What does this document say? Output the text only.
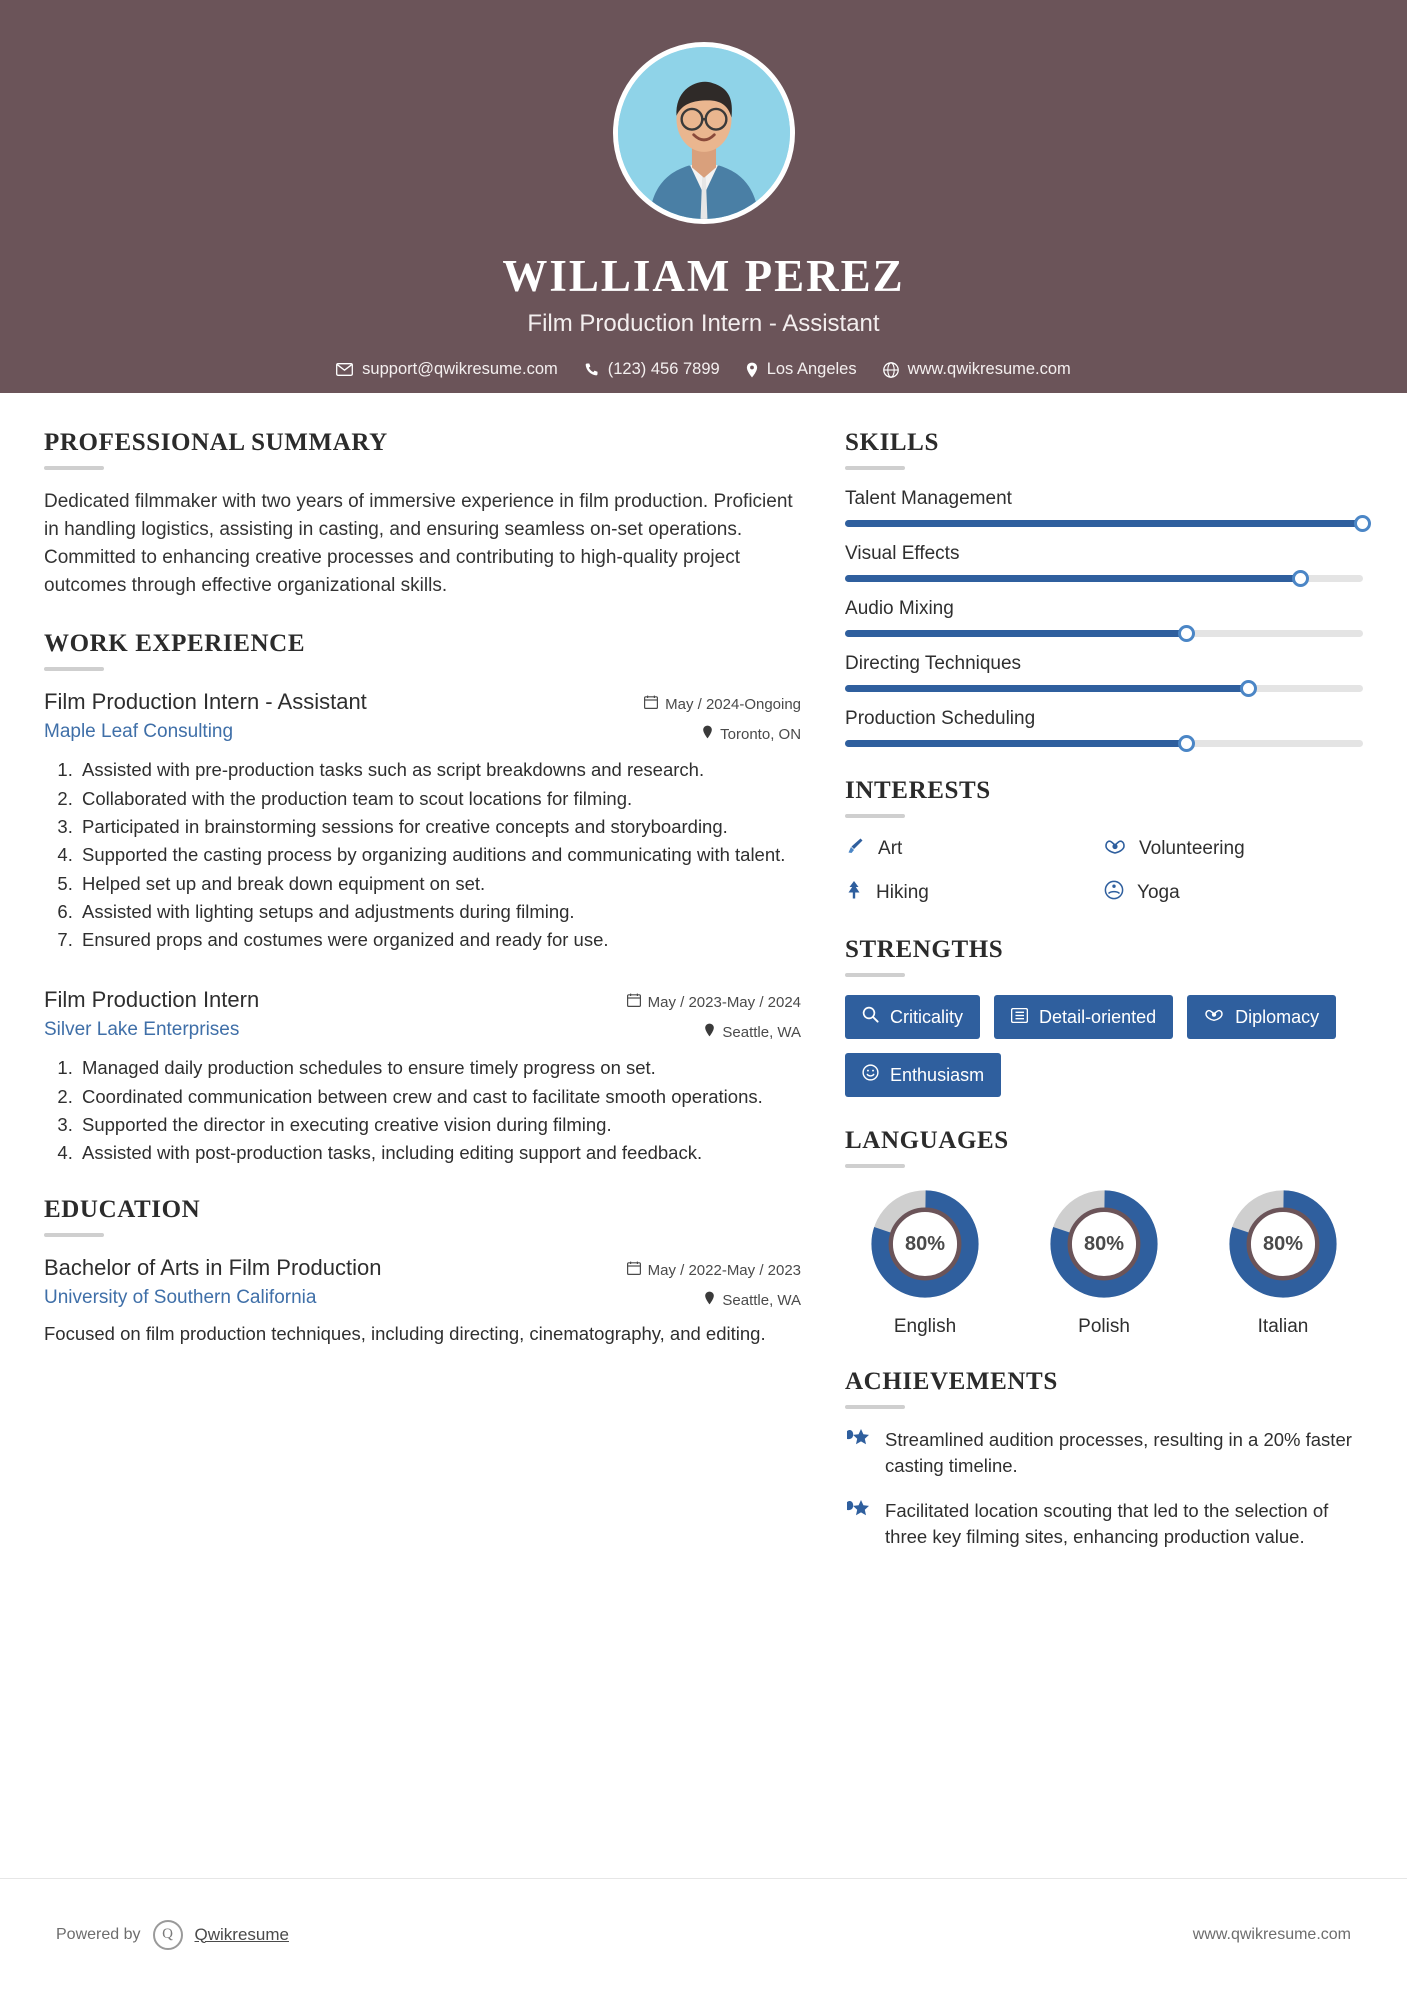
WILLIAM PEREZ
Film Production Intern - Assistant
support@qwikresume.com	(123) 456 7899	Los Angeles	www.qwikresume.com
PROFESSIONAL SUMMARY

Dedicated filmmaker with two years of immersive experience in film production. Proficient in handling logistics, assisting in casting, and ensuring seamless on-set operations. Committed to enhancing creative processes and contributing to high-quality project outcomes through effective organizational skills.

WORK EXPERIENCE
Film Production Intern - Assistant
Maple Leaf Consulting
May / 2024-Ongoing
Toronto, ON
1. Assisted with pre-production tasks such as script breakdowns and research.
2. Collaborated with the production team to scout locations for filming.
3. Participated in brainstorming sessions for creative concepts and storyboarding.
4. Supported the casting process by organizing auditions and communicating with talent.
5. Helped set up and break down equipment on set.
6. Assisted with lighting setups and adjustments during filming.
7. Ensured props and costumes were organized and ready for use.
Film Production Intern
Silver Lake Enterprises
May / 2023-May / 2024
Seattle, WA
1. Managed daily production schedules to ensure timely progress on set.
2. Coordinated communication between crew and cast to facilitate smooth operations.
3. Supported the director in executing creative vision during filming.
4. Assisted with post-production tasks, including editing support and feedback.
EDUCATION
Bachelor of Arts in Film Production
University of Southern California
May / 2022-May / 2023
Seattle, WA
Focused on film production techniques, including directing, cinematography, and editing.
SKILLS
Talent Management
Visual Effects
Audio Mixing
Directing Techniques
Production Scheduling
INTERESTS
Art	Volunteering
Hiking	Yoga
STRENGTHS
Criticality	Detail-oriented	Diplomacy
Enthusiasm
LANGUAGES
80%
English
80%
Polish
80%
Italian
ACHIEVEMENTS
Streamlined audition processes, resulting in a 20% faster casting timeline.
Facilitated location scouting that led to the selection of three key filming sites, enhancing production value.
Powered by	Q	Qwikresume	www.qwikresume.com
